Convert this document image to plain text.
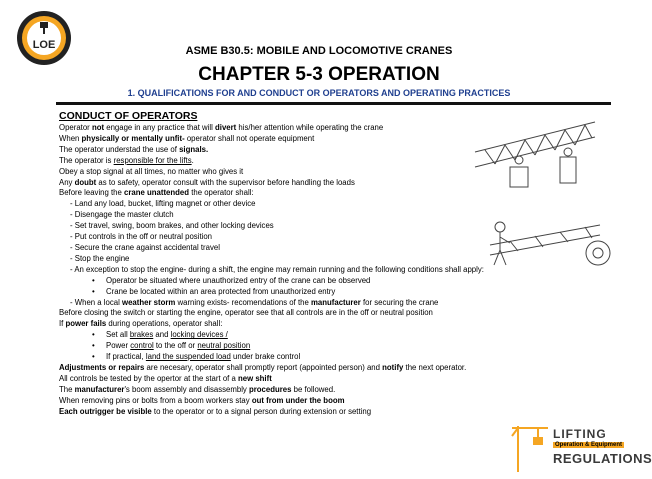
LOE	ASME B30.5: MOBILE AND LOCOMOTIVE CRANES
CHAPTER 5-3 OPERATION
1. QUALIFICATIONS FOR AND CONDUCT OR OPERATORS AND OPERATING PRACTICES
CONDUCT OF OPERATORS
Operator not engage in any practice that will divert his/her attention while operating the crane
When physically or mentally unfit- operator shall not operate equipment
The operator understad the use of signals.
The operator is responsible for the lifts.
Obey a stop signal at all times, no matter who gives it
Any doubt as to safety, operator consult with the supervisor before handling the loads
Before leaving the crane unattended the operator shall:
- Land any load, bucket, lifting magnet or other device
- Disengage the master clutch
- Set travel, swing, boom brakes, and other locking devices
- Put controls in the off or neutral position
- Secure the crane against accidental travel
- Stop the engine
- An exception to stop the engine- during a shift, the engine may remain running and the following conditions shall apply:
• Operator be situated where unauthorized entry of the crane can be observed
• Crane be located within an area protected from unauthorized entry
- When a local weather storm warning exists- recomendations of the manufacturer for securing the crane
Before closing the switch or starting the engine, operator see that all controls are in the off or neutral position
If power fails during operations, operator shall:
• Set all brakes and locking devices /
• Power control to the off or neutral position
• If practical, land the suspended load under brake control
Adjustments or repairs are necesary, operator shall promptly report (appointed person) and notify the next operator.
All controls be tested by the opertor at the start of a new shift
The manufacturer's boom assembly and disassembly procedures be followed.
When removing pins or bolts from a boom workers stay out from under the boom
Each outrigger be visible to the operator or to a signal person during extension or setting
LIFTING
Operation & Equipment
REGULATIONS
